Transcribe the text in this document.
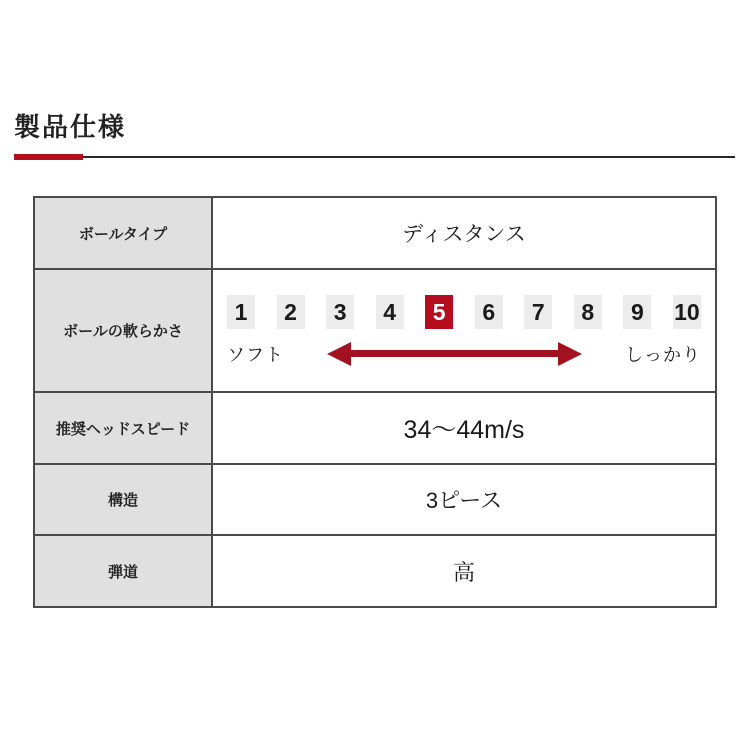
製品仕様
ボールタイプ	ディスタンス
ボールの軟らかさ	
1	2	3	4	5	6	7	8	9	10
ソフト	しっかり

推奨ヘッドスピード	34〜44m/s
構造	3ピース
弾道	高
